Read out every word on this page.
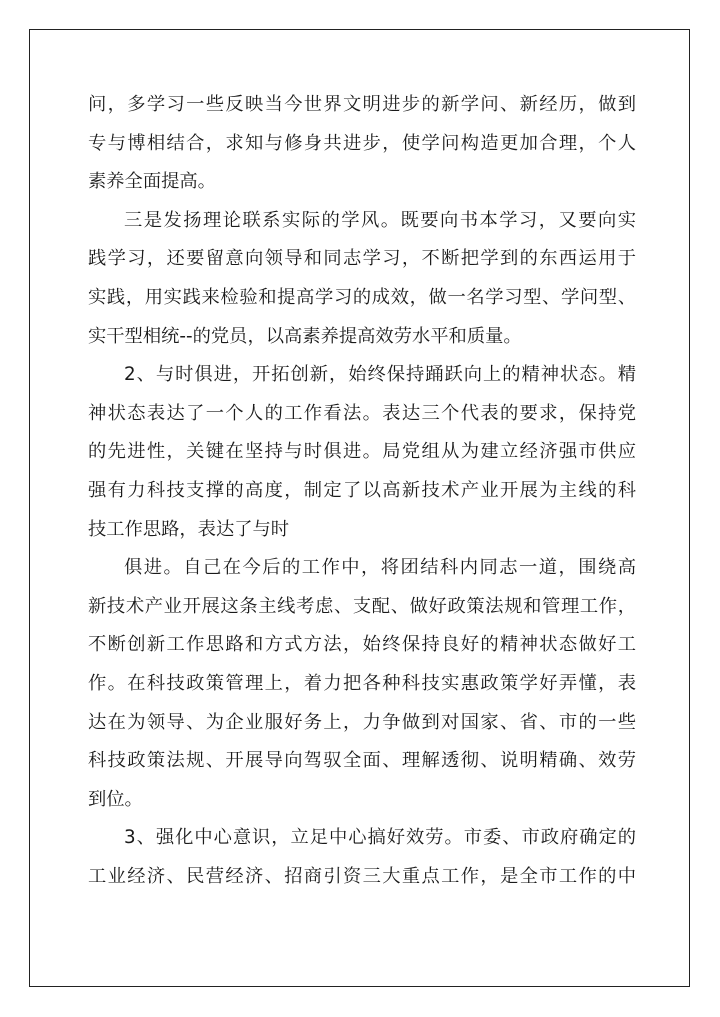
问，多学习一些反映当今世界文明进步的新学问、新经历，做到
专与博相结合，求知与修身共进步，使学问构造更加合理，个人
素养全面提高。
三是发扬理论联系实际的学风。既要向书本学习，又要向实
践学习，还要留意向领导和同志学习，不断把学到的东西运用于
实践，用实践来检验和提高学习的成效，做一名学习型、学问型、
实干型相统--的党员，以高素养提高效劳水平和质量。
2、与时俱进，开拓创新，始终保持踊跃向上的精神状态。精
神状态表达了一个人的工作看法。表达三个代表的要求，保持党
的先进性，关键在坚持与时俱进。局党组从为建立经济强市供应
强有力科技支撑的高度，制定了以高新技术产业开展为主线的科
技工作思路，表达了与时
俱进。自己在今后的工作中，将团结科内同志一道，围绕高
新技术产业开展这条主线考虑、支配、做好政策法规和管理工作，
不断创新工作思路和方式方法，始终保持良好的精神状态做好工
作。在科技政策管理上，着力把各种科技实惠政策学好弄懂，表
达在为领导、为企业服好务上，力争做到对国家、省、市的一些
科技政策法规、开展导向驾驭全面、理解透彻、说明精确、效劳
到位。
3、强化中心意识，立足中心搞好效劳。市委、市政府确定的
工业经济、民营经济、招商引资三大重点工作，是全市工作的中
